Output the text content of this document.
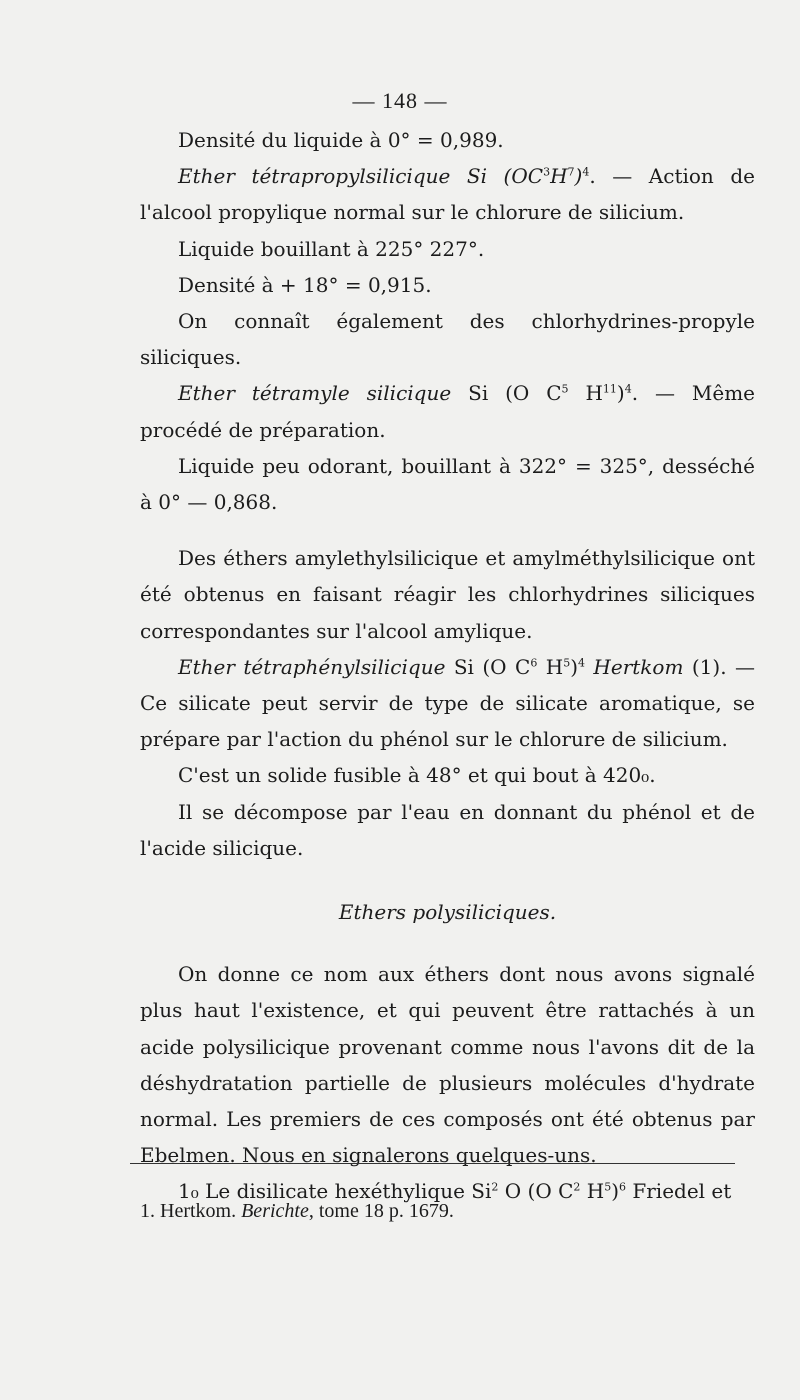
— 148 —

Densité du liquide à 0° = 0,989.

Ether tétrapropylsilicique Si $(OC^3H^7)^4$. — Action de l'alcool propylique normal sur le chlorure de silicium.

Liquide bouillant à 225° 227°.

Densité à + 18° = 0,915.

On connaît également des chlorhydrines-propyle siliciques.

Ether tétramyle silicique Si (O $C^5$ $H^{11})^4$. — Même procédé de préparation.

Liquide peu odorant, bouillant à 322° = 325°, desséché à 0° — 0,868.

Des éthers amylethylsilicique et amylméthylsilicique ont été obtenus en faisant réagir les chlorhydrines siliciques correspondantes sur l'alcool amylique.

Ether tétraphénylsilicique Si (O $C^6$ $H^5)^4$ Hertkom (1). — Ce silicate peut servir de type de silicate aromatique, se prépare par l'action du phénol sur le chlorure de silicium.

C'est un solide fusible à 48° et qui bout à 420₀.

Il se décompose par l'eau en donnant du phénol et de l'acide silicique.

Ethers polysiliciques.

On donne ce nom aux éthers dont nous avons signalé plus haut l'existence, et qui peuvent être rattachés à un acide polysilicique provenant comme nous l'avons dit de la déshydratation partielle de plusieurs molécules d'hydrate normal. Les premiers de ces composés ont été obtenus par Ebelmen. Nous en signalerons quelques-uns.

1₀ Le disilicate hexéthylique Si$^2$ O (O $C^2$ $H^5)^6$ Friedel et

1. Hertkom. Berichte, tome 18 p. 1679.
